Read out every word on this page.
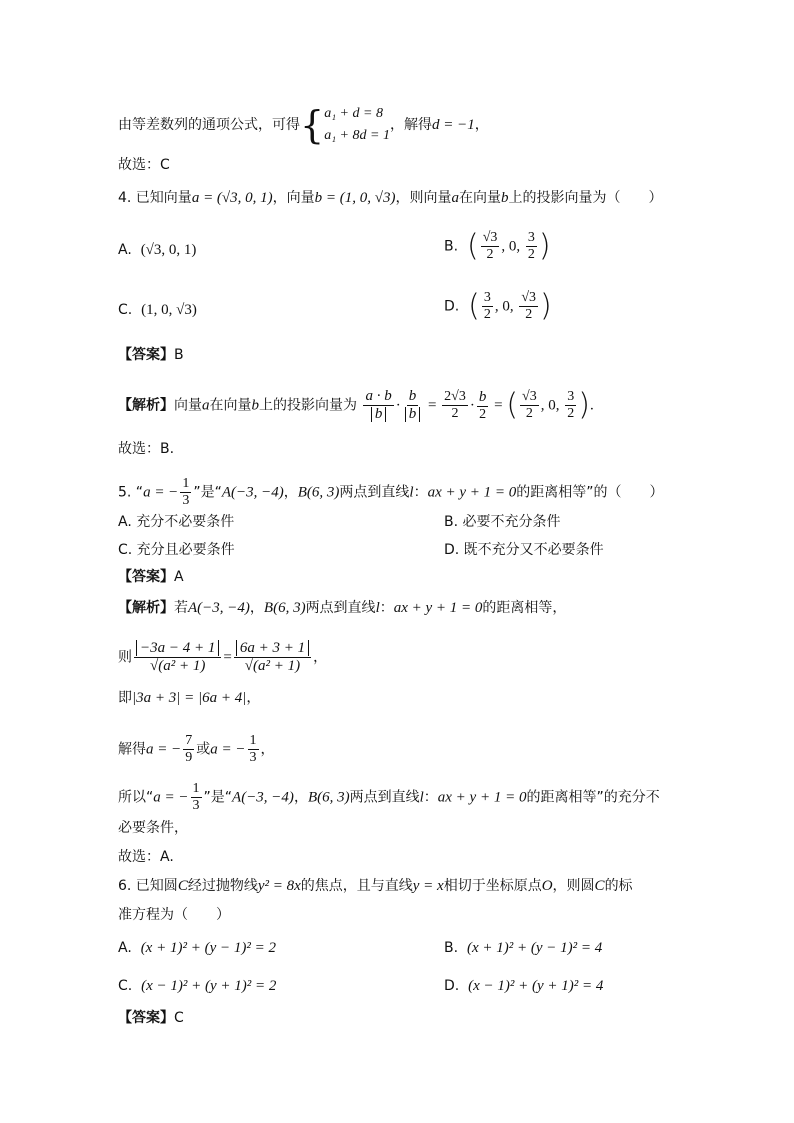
由等差数列的通项公式，可得{ a₁ + d = 8
a₁ + 8d = 1
，解得d = −1，
故选：C
4. 已知向量a = (√3, 0, 1)，向量b = (1, 0, √3)，则向量a在向量b上的投影向量为（　　）
A. (√3, 0, 1)	B. ( $\frac{√3}{2}$ , 0, $\frac{3}{2}$ )
C. (1, 0, √3)	D. ( $\frac{3}{2}$ , 0, $\frac{√3}{2}$ )
【答案】B
【解析】向量a在向量b上的投影向量为 $\frac{a \cdot b}{b} \cdot \frac{b}{b} = \frac{2√3}{2} \cdot \frac{b}{2}$ = ( $\frac{√3}{2}$ , 0, $\frac{3}{2}$ ).
故选：B.
5. “a = − $\frac{1}{3}$ ”是“A(−3, −4)，B(6, 3)两点到直线l：ax + y + 1 = 0的距离相等”的（　　）
A. 充分不必要条件	B. 必要不充分条件
C. 充分且必要条件	D. 既不充分又不必要条件
【答案】A
【解析】若A(−3, −4)，B(6, 3)两点到直线l：ax + y + 1 = 0的距离相等，
则 $\frac{-3a - 4 + 1}{\text{√(a² + 1)}} = \frac{6a + 3 + 1}{\text{√(a² + 1)}}$ ，
即|3a + 3| = |6a + 4|，
解得a = − $\frac{7}{9}$ 或a = − $\frac{1}{3}$ ，
所以“a = − $\frac{1}{3}$ ”是“A(−3, −4)，B(6, 3)两点到直线l：ax + y + 1 = 0的距离相等”的充分不
必要条件，
故选：A.
6. 已知圆C经过抛物线y² = 8x的焦点，且与直线y = x相切于坐标原点O，则圆C的标
准方程为（　　）
A. (x + 1)² + (y − 1)² = 2	B. (x + 1)² + (y − 1)² = 4
C. (x − 1)² + (y + 1)² = 2	D. (x − 1)² + (y + 1)² = 4
【答案】C
